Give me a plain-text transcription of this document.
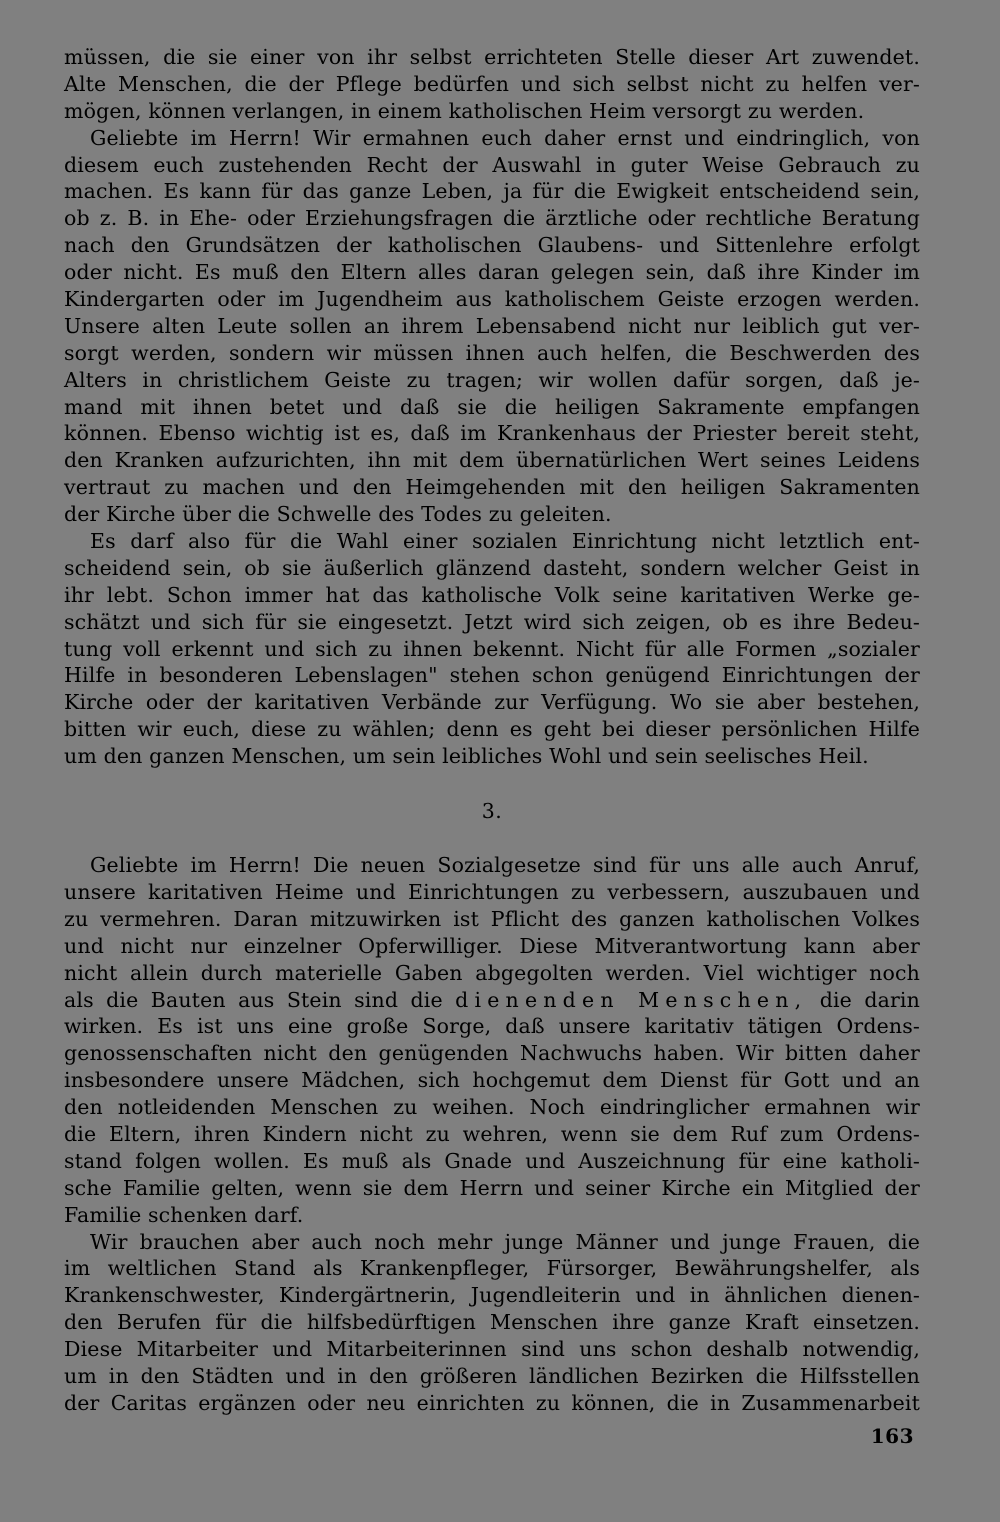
müssen, die sie einer von ihr selbst errichteten Stelle dieser Art zuwendet.
Alte Menschen, die der Pflege bedürfen und sich selbst nicht zu helfen ver-
mögen, können verlangen, in einem katholischen Heim versorgt zu werden.
Geliebte im Herrn! Wir ermahnen euch daher ernst und eindringlich, von
diesem euch zustehenden Recht der Auswahl in guter Weise Gebrauch zu
machen. Es kann für das ganze Leben, ja für die Ewigkeit entscheidend sein,
ob z. B. in Ehe- oder Erziehungsfragen die ärztliche oder rechtliche Beratung
nach den Grundsätzen der katholischen Glaubens- und Sittenlehre erfolgt
oder nicht. Es muß den Eltern alles daran gelegen sein, daß ihre Kinder im
Kindergarten oder im Jugendheim aus katholischem Geiste erzogen werden.
Unsere alten Leute sollen an ihrem Lebensabend nicht nur leiblich gut ver-
sorgt werden, sondern wir müssen ihnen auch helfen, die Beschwerden des
Alters in christlichem Geiste zu tragen; wir wollen dafür sorgen, daß je-
mand mit ihnen betet und daß sie die heiligen Sakramente empfangen
können. Ebenso wichtig ist es, daß im Krankenhaus der Priester bereit steht,
den Kranken aufzurichten, ihn mit dem übernatürlichen Wert seines Leidens
vertraut zu machen und den Heimgehenden mit den heiligen Sakramenten
der Kirche über die Schwelle des Todes zu geleiten.
Es darf also für die Wahl einer sozialen Einrichtung nicht letztlich ent-
scheidend sein, ob sie äußerlich glänzend dasteht, sondern welcher Geist in
ihr lebt. Schon immer hat das katholische Volk seine karitativen Werke ge-
schätzt und sich für sie eingesetzt. Jetzt wird sich zeigen, ob es ihre Bedeu-
tung voll erkennt und sich zu ihnen bekennt. Nicht für alle Formen „sozialer
Hilfe in besonderen Lebenslagen" stehen schon genügend Einrichtungen der
Kirche oder der karitativen Verbände zur Verfügung. Wo sie aber bestehen,
bitten wir euch, diese zu wählen; denn es geht bei dieser persönlichen Hilfe
um den ganzen Menschen, um sein leibliches Wohl und sein seelisches Heil.
3.
Geliebte im Herrn! Die neuen Sozialgesetze sind für uns alle auch Anruf,
unsere karitativen Heime und Einrichtungen zu verbessern, auszubauen und
zu vermehren. Daran mitzuwirken ist Pflicht des ganzen katholischen Volkes
und nicht nur einzelner Opferwilliger. Diese Mitverantwortung kann aber
nicht allein durch materielle Gaben abgegolten werden. Viel wichtiger noch
als die Bauten aus Stein sind die dienenden Menschen, die darin
wirken. Es ist uns eine große Sorge, daß unsere karitativ tätigen Ordens-
genossenschaften nicht den genügenden Nachwuchs haben. Wir bitten daher
insbesondere unsere Mädchen, sich hochgemut dem Dienst für Gott und an
den notleidenden Menschen zu weihen. Noch eindringlicher ermahnen wir
die Eltern, ihren Kindern nicht zu wehren, wenn sie dem Ruf zum Ordens-
stand folgen wollen. Es muß als Gnade und Auszeichnung für eine katholi-
sche Familie gelten, wenn sie dem Herrn und seiner Kirche ein Mitglied der
Familie schenken darf.
Wir brauchen aber auch noch mehr junge Männer und junge Frauen, die
im weltlichen Stand als Krankenpfleger, Fürsorger, Bewährungshelfer, als
Krankenschwester, Kindergärtnerin, Jugendleiterin und in ähnlichen dienen-
den Berufen für die hilfsbedürftigen Menschen ihre ganze Kraft einsetzen.
Diese Mitarbeiter und Mitarbeiterinnen sind uns schon deshalb notwendig,
um in den Städten und in den größeren ländlichen Bezirken die Hilfsstellen
der Caritas ergänzen oder neu einrichten zu können, die in Zusammenarbeit
163
